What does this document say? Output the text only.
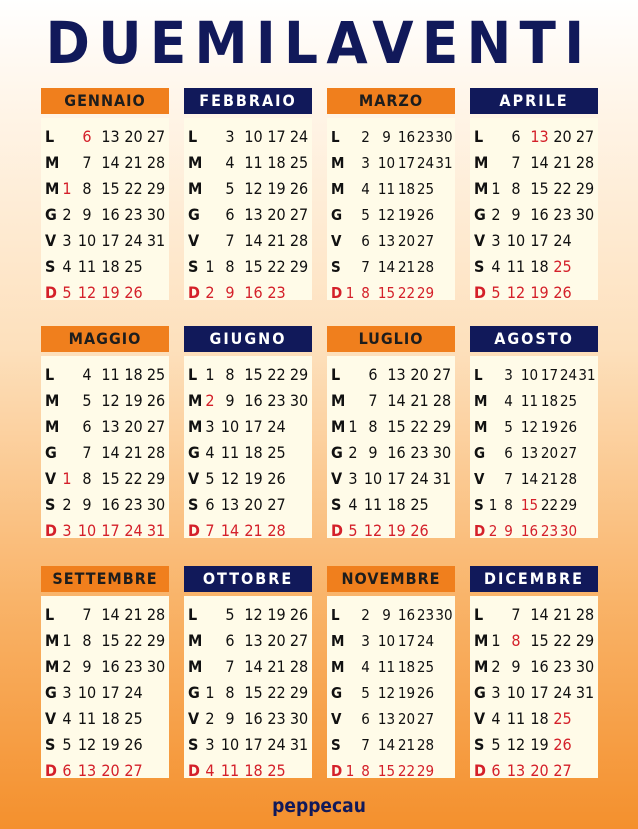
DUEMILAVENTI
GENNAIO
L	6 13 20 27
M	7 14 21 28
M 1 8 15 22 29
G 2 9 16 23 30
V 3 10 17 24 31
S 4 11 18 25
D 5 12 19 26
FEBBRAIO
L	3 10 17 24
M	4 11 18 25
M	5 12 19 26
G	6 13 20 27
V	7 14 21 28
S 1 8 15 22 29
D 2 9 16 23
MARZO
L	2 9 16 23 30
M	3 10 17 24 31
M	4 11 18 25
G	5 12 19 26
V	6 13 20 27
S	7 14 21 28
D 1 8 15 22 29
APRILE
L	6 13 20 27
M	7 14 21 28
M 1 8 15 22 29
G 2 9 16 23 30
V 3 10 17 24
S 4 11 18 25
D 5 12 19 26
MAGGIO
L	4 11 18 25
M	5 12 19 26
M	6 13 20 27
G	7 14 21 28
V 1 8 15 22 29
S 2 9 16 23 30
D 3 10 17 24 31
GIUGNO
L 1 8 15 22 29
M 2 9 16 23 30
M 3 10 17 24
G 4 11 18 25
V 5 12 19 26
S 6 13 20 27
D 7 14 21 28
LUGLIO
L	6 13 20 27
M	7 14 21 28
M 1 8 15 22 29
G 2 9 16 23 30
V 3 10 17 24 31
S 4 11 18 25
D 5 12 19 26
AGOSTO
L	3 10 17 24 31
M	4 11 18 25
M	5 12 19 26
G	6 13 20 27
V	7 14 21 28
S 1 8 15 22 29
D 2 9 16 23 30
SETTEMBRE
L	7 14 21 28
M 1 8 15 22 29
M 2 9 16 23 30
G 3 10 17 24
V 4 11 18 25
S 5 12 19 26
D 6 13 20 27
OTTOBRE
L	5 12 19 26
M	6 13 20 27
M	7 14 21 28
G 1 8 15 22 29
V 2 9 16 23 30
S 3 10 17 24 31
D 4 11 18 25
NOVEMBRE
L	2 9 16 23 30
M	3 10 17 24
M	4 11 18 25
G	5 12 19 26
V	6 13 20 27
S	7 14 21 28
D 1 8 15 22 29
DICEMBRE
L	7 14 21 28
M 1 8 15 22 29
M 2 9 16 23 30
G 3 10 17 24 31
V 4 11 18 25
S 5 12 19 26
D 6 13 20 27
peppecau
